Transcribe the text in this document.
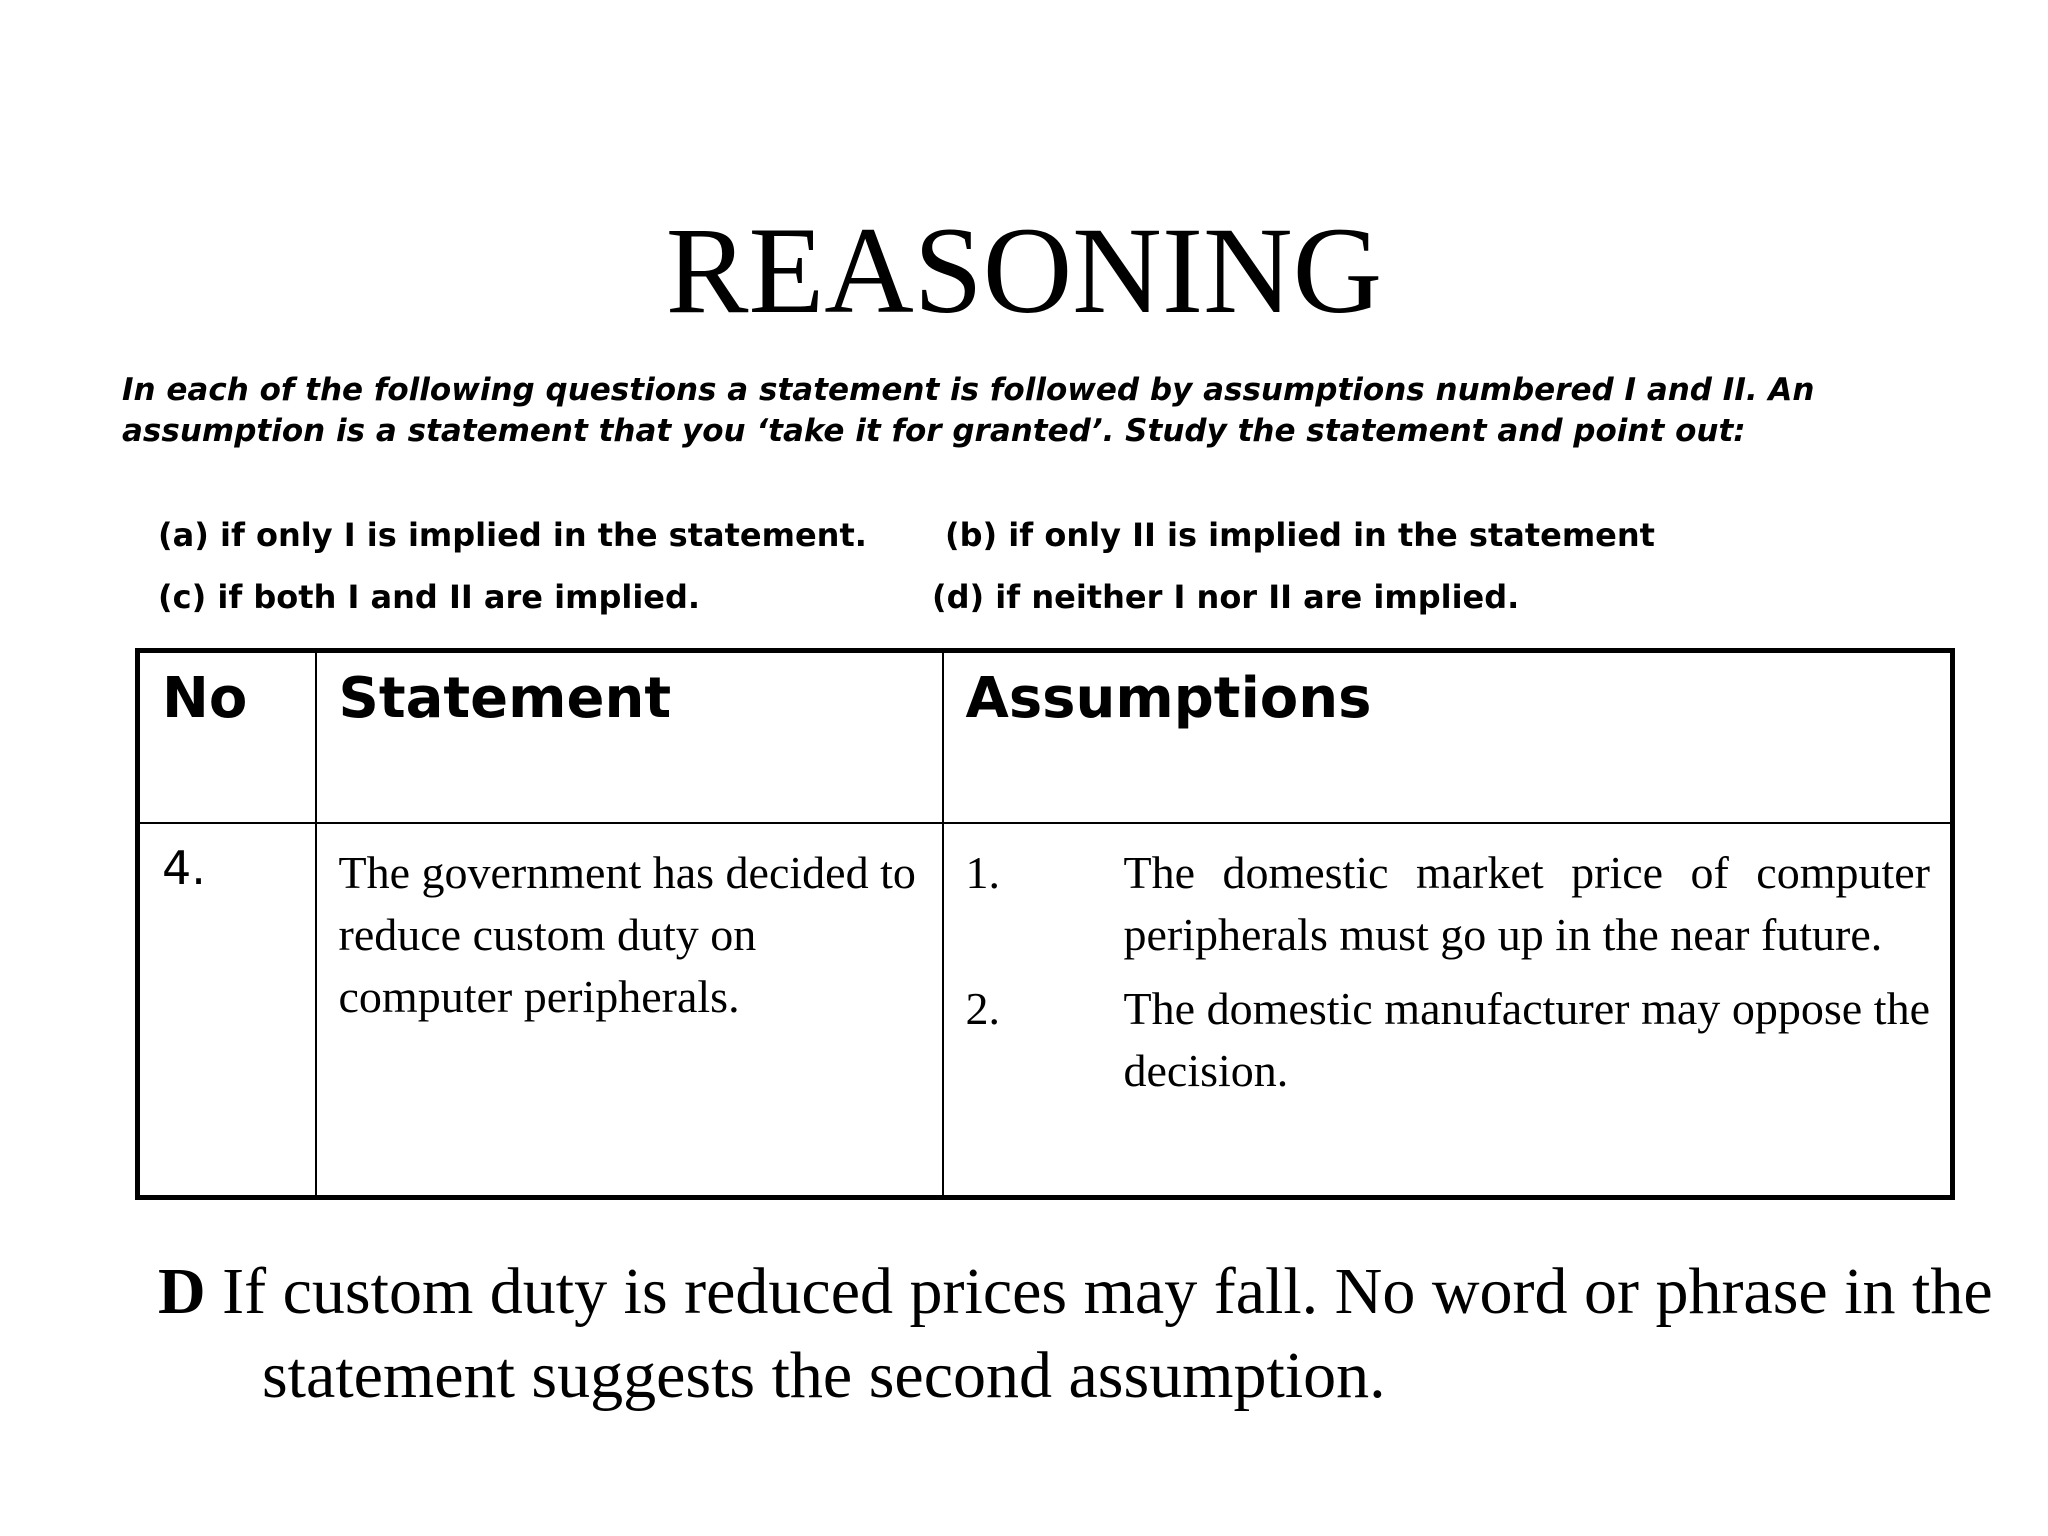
REASONING

In each of the following questions a statement is followed by assumptions numbered I and II. An assumption is a statement that you ‘take it for granted’. Study the statement and point out:

(a) if only I is implied in the statement. (b) if only II is implied in the statement
(c) if both I and II are implied.	(d) if neither I nor II are implied.
No	Statement	Assumptions
4.	The government has decided to reduce custom duty on computer peripherals.	1. The domestic market price of computer peripherals must go up in the near future.
2. The domestic manufacturer may oppose the decision.

D If custom duty is reduced prices may fall. No word or phrase in the statement suggests the second assumption.
